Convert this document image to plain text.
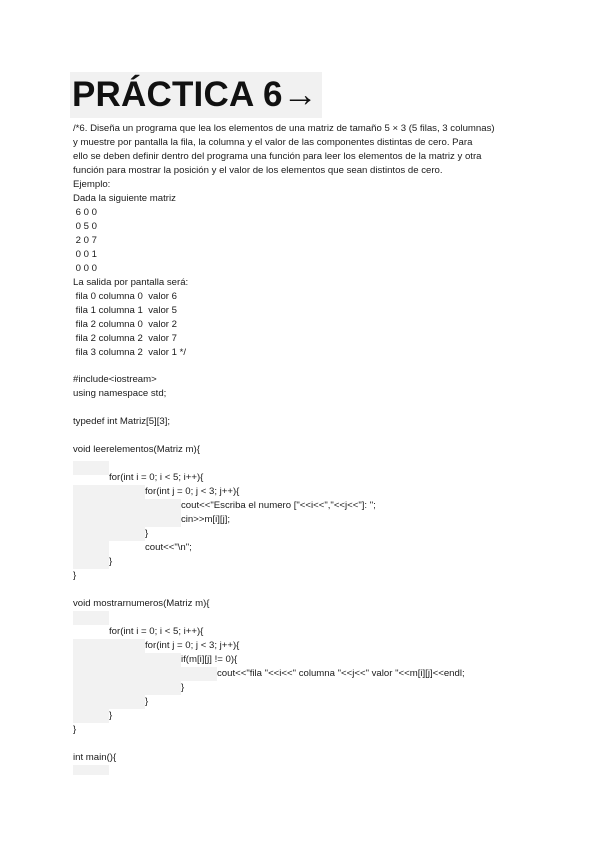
PRÁCTICA 6→
/*6. Diseña un programa que lea los elementos de una matriz de tamaño 5 × 3 (5 filas, 3 columnas)
y muestre por pantalla la fila, la columna y el valor de las componentes distintas de cero. Para
ello se deben definir dentro del programa una función para leer los elementos de la matriz y otra
función para mostrar la posición y el valor de los elementos que sean distintos de cero.
Ejemplo:
Dada la siguiente matriz
6 0 0
0 5 0
2 0 7
0 0 1
0 0 0
La salida por pantalla será:
fila 0 columna 0  valor 6
fila 1 columna 1  valor 5
fila 2 columna 0  valor 2
fila 2 columna 2  valor 7
fila 3 columna 2  valor 1 */
#include<iostream>
using namespace std;
typedef int Matriz[5][3];
void leerelementos(Matriz m){
for(int i = 0; i < 5; i++){
for(int j = 0; j < 3; j++){
cout<<"Escriba el numero ["<<i<<","<<j<<"]: ";
cin>>m[i][j];
}
cout<<"\n";
}
}
void mostrarnumeros(Matriz m){
for(int i = 0; i < 5; i++){
for(int j = 0; j < 3; j++){
if(m[i][j] != 0){
cout<<"fila "<<i<<" columna "<<j<<" valor "<<m[i][j]<<endl;
}
}
}
}
int main(){
